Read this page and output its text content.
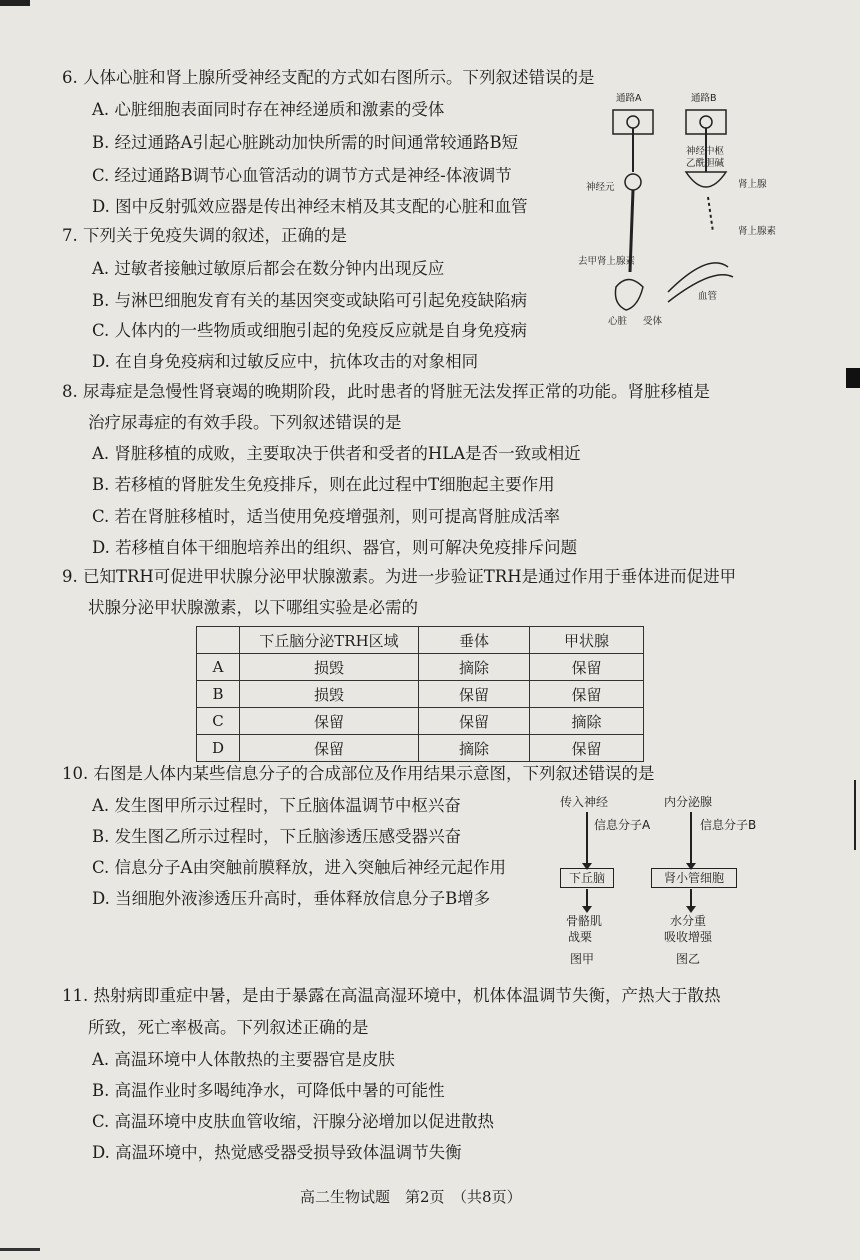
6. 人体心脏和肾上腺所受神经支配的方式如右图所示。下列叙述错误的是
A. 心脏细胞表面同时存在神经递质和激素的受体
B. 经过通路A引起心脏跳动加快所需的时间通常较通路B短
C. 经过通路B调节心血管活动的调节方式是神经-体液调节
D. 图中反射弧效应器是传出神经末梢及其支配的心脏和血管
7. 下列关于免疫失调的叙述，正确的是
A. 过敏者接触过敏原后都会在数分钟内出现反应
B. 与淋巴细胞发育有关的基因突变或缺陷可引起免疫缺陷病
C. 人体内的一些物质或细胞引起的免疫反应就是自身免疫病
D. 在自身免疫病和过敏反应中，抗体攻击的对象相同
通路A	通路B
神经中枢
乙酰胆碱
神经元	肾上腺
肾上腺素
去甲肾上腺素
血管
心脏 受体
8. 尿毒症是急慢性肾衰竭的晚期阶段，此时患者的肾脏无法发挥正常的功能。肾脏移植是
治疗尿毒症的有效手段。下列叙述错误的是
A. 肾脏移植的成败，主要取决于供者和受者的HLA是否一致或相近
B. 若移植的肾脏发生免疫排斥，则在此过程中T细胞起主要作用
C. 若在肾脏移植时，适当使用免疫增强剂，则可提高肾脏成活率
D. 若移植自体干细胞培养出的组织、器官，则可解决免疫排斥问题
9. 已知TRH可促进甲状腺分泌甲状腺激素。为进一步验证TRH是通过作用于垂体进而促进甲
状腺分泌甲状腺激素，以下哪组实验是必需的
	下丘脑分泌TRH区域	垂体	甲状腺
A	损毁	摘除	保留
B	损毁	保留	保留
C	保留	保留	摘除
D	保留	摘除	保留
10. 右图是人体内某些信息分子的合成部位及作用结果示意图，下列叙述错误的是
A. 发生图甲所示过程时，下丘脑体温调节中枢兴奋
B. 发生图乙所示过程时，下丘脑渗透压感受器兴奋
C. 信息分子A由突触前膜释放，进入突触后神经元起作用
D. 当细胞外液渗透压升高时，垂体释放信息分子B增多
传入神经
信息分子A
下丘脑
骨骼肌
战栗
图甲
内分泌腺
信息分子B
肾小管细胞
水分重
吸收增强
图乙
11. 热射病即重症中暑，是由于暴露在高温高湿环境中，机体体温调节失衡，产热大于散热
所致，死亡率极高。下列叙述正确的是
A. 高温环境中人体散热的主要器官是皮肤
B. 高温作业时多喝纯净水，可降低中暑的可能性
C. 高温环境中皮肤血管收缩，汗腺分泌增加以促进散热
D. 高温环境中，热觉感受器受损导致体温调节失衡
高二生物试题　第2页　（共8页）
